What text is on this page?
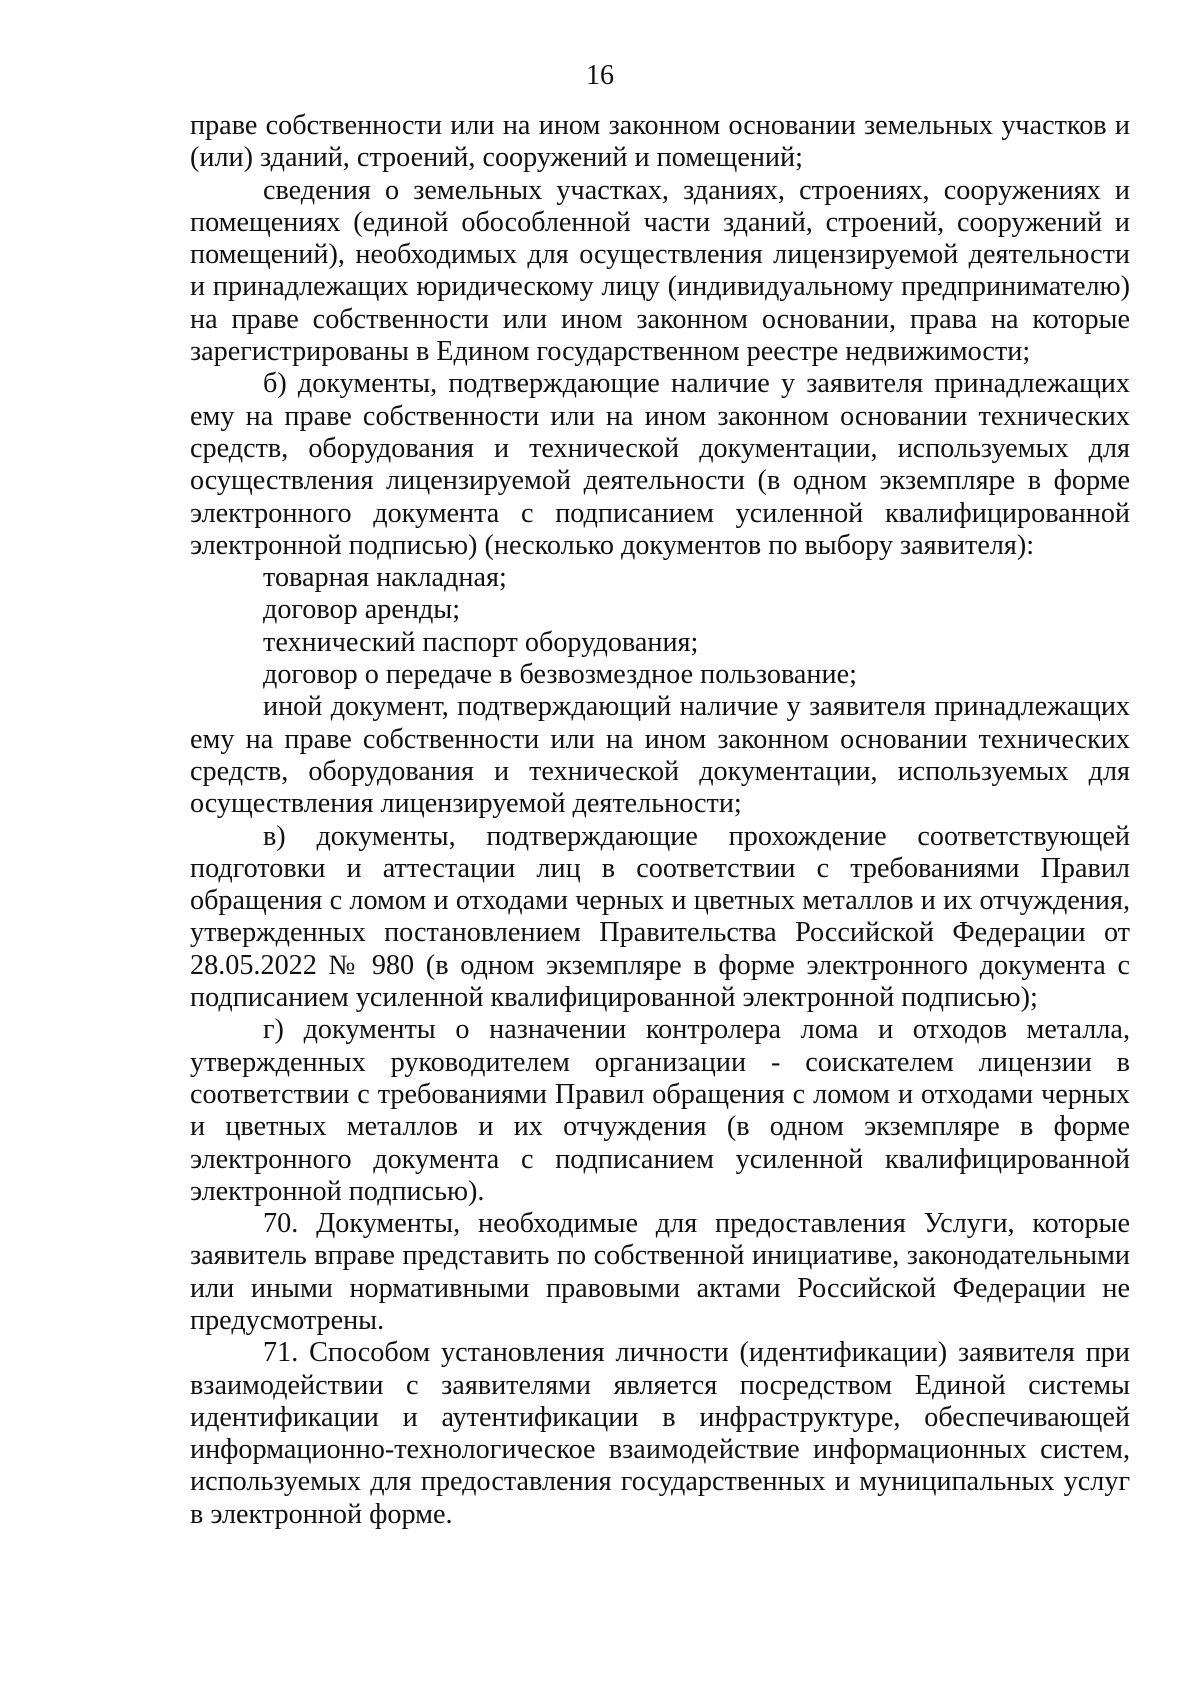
16

праве собственности или на ином законном основании земельных участков и (или) зданий, строений, сооружений и помещений;

сведения о земельных участках, зданиях, строениях, сооружениях и помещениях (единой обособленной части зданий, строений, сооружений и помещений), необходимых для осуществления лицензируемой деятельности и принадлежащих юридическому лицу (индивидуальному предпринимателю) на праве собственности или ином законном основании, права на которые зарегистрированы в Едином государственном реестре недвижимости;

б) документы, подтверждающие наличие у заявителя принадлежащих ему на праве собственности или на ином законном основании технических средств, оборудования и технической документации, используемых для осуществления лицензируемой деятельности (в одном экземпляре в форме электронного документа с подписанием усиленной квалифицированной электронной подписью) (несколько документов по выбору заявителя):

товарная накладная;

договор аренды;

технический паспорт оборудования;

договор о передаче в безвозмездное пользование;

иной документ, подтверждающий наличие у заявителя принадлежащих ему на праве собственности или на ином законном основании технических средств, оборудования и технической документации, используемых для осуществления лицензируемой деятельности;

в) документы, подтверждающие прохождение соответствующей подготовки и аттестации лиц в соответствии с требованиями Правил обращения с ломом и отходами черных и цветных металлов и их отчуждения, утвержденных постановлением Правительства Российской Федерации от 28.05.2022 № 980 (в одном экземпляре в форме электронного документа с подписанием усиленной квалифицированной электронной подписью);

г) документы о назначении контролера лома и отходов металла, утвержденных руководителем организации - соискателем лицензии в соответствии с требованиями Правил обращения с ломом и отходами черных и цветных металлов и их отчуждения (в одном экземпляре в форме электронного документа с подписанием усиленной квалифицированной электронной подписью).

70. Документы, необходимые для предоставления Услуги, которые заявитель вправе представить по собственной инициативе, законодательными или иными нормативными правовыми актами Российской Федерации не предусмотрены.

71. Способом установления личности (идентификации) заявителя при взаимодействии с заявителями является посредством Единой системы идентификации и аутентификации в инфраструктуре, обеспечивающей информационно-технологическое взаимодействие информационных систем, используемых для предоставления государственных и муниципальных услуг в электронной форме.
